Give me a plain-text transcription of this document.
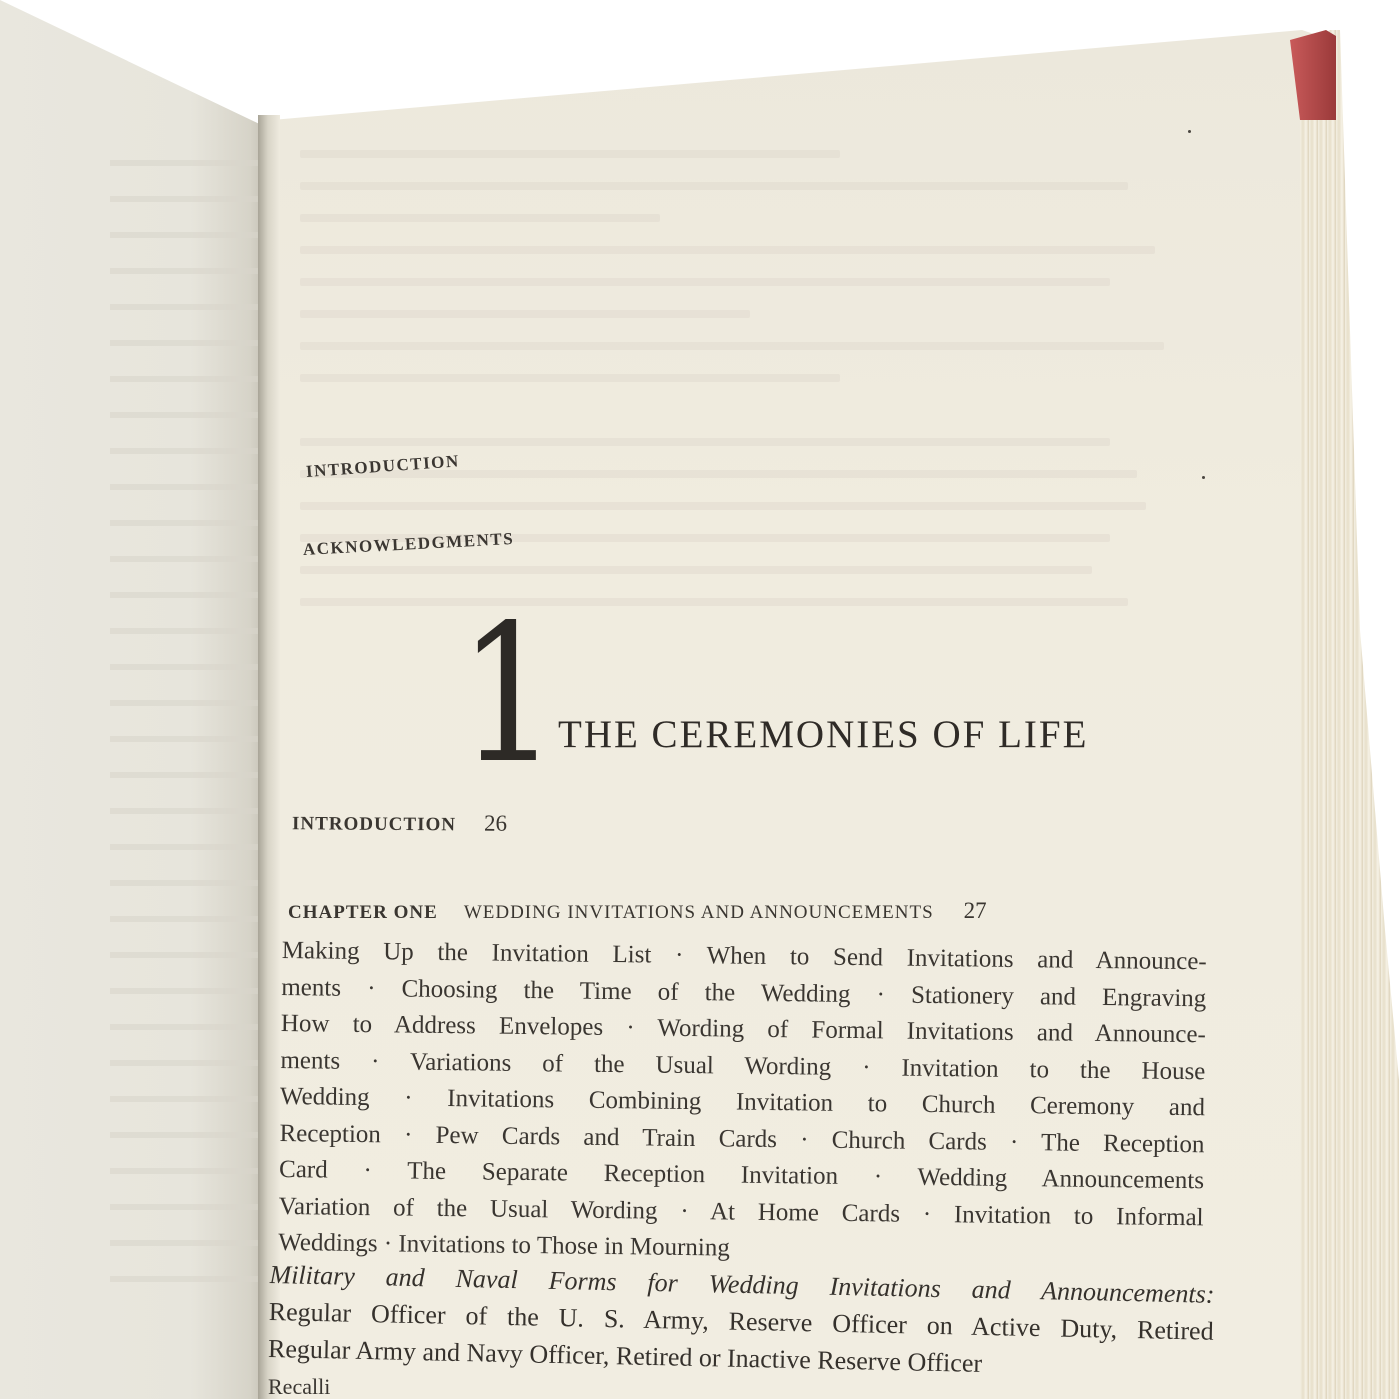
INTRODUCTION
ACKNOWLEDGMENTS
1 THE CEREMONIES OF LIFE
INTRODUCTION 26
CHAPTER ONE WEDDING INVITATIONS AND ANNOUNCEMENTS 27
Making Up the Invitation List · When to Send Invitations and Announce-
ments · Choosing the Time of the Wedding · Stationery and Engraving
How to Address Envelopes · Wording of Formal Invitations and Announce-
ments · Variations of the Usual Wording · Invitation to the House
Wedding · Invitations Combining Invitation to Church Ceremony and
Reception · Pew Cards and Train Cards · Church Cards · The Reception
Card · The Separate Reception Invitation · Wedding Announcements
Variation of the Usual Wording · At Home Cards · Invitation to Informal
Weddings · Invitations to Those in Mourning
Military and Naval Forms for Wedding Invitations and Announcements:
Regular Officer of the U. S. Army, Reserve Officer on Active Duty, Retired
Regular Army and Navy Officer, Retired or Inactive Reserve Officer
Recalli
